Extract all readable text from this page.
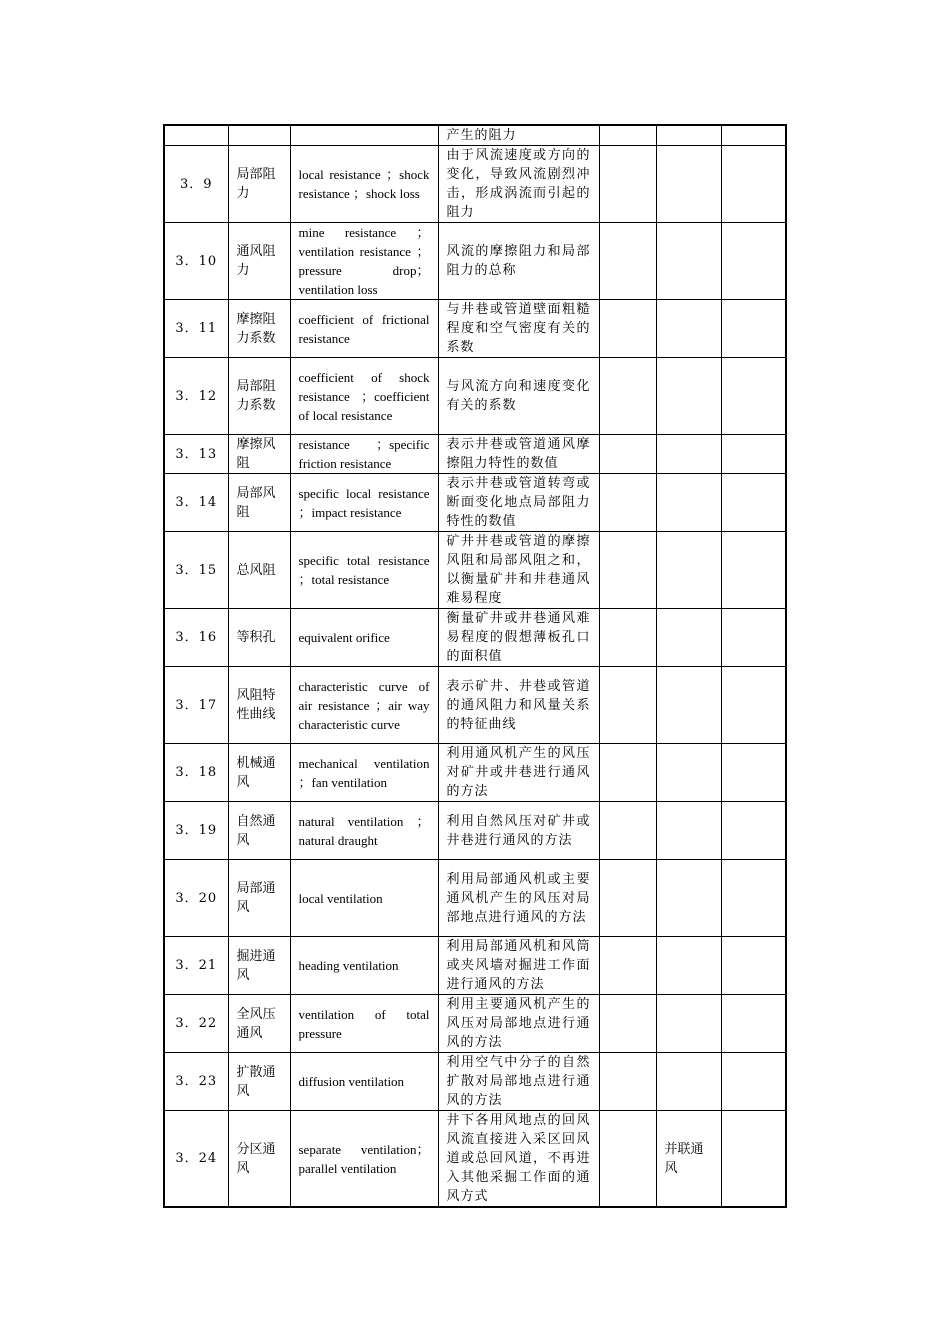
			产生的阻力			
3．9	局部阻力	local resistance ；shock resistance ；shock loss	由于风流速度或方向的变化，导致风流剧烈冲击，形成涡流而引起的阻力			
3．10	通风阻力	mine resistance ；ventilation resistance ；pressure drop；ventilation loss	风流的摩擦阻力和局部阻力的总称			
3．11	摩擦阻力系数	coefficient of frictional resistance	与井巷或管道壁面粗糙程度和空气密度有关的系数			
3．12	局部阻力系数	coefficient of shock resistance ；coefficient of local resistance	与风流方向和速度变化有关的系数			
3．13	摩擦风阻	resistance ；specific friction resistance	表示井巷或管道通风摩擦阻力特性的数值			
3．14	局部风阻	specific local resistance ；impact resistance	表示井巷或管道转弯或断面变化地点局部阻力特性的数值			
3．15	总风阻	specific total resistance ；total resistance	矿井井巷或管道的摩擦风阻和局部风阻之和，以衡量矿井和井巷通风难易程度			
3．16	等积孔	equivalent orifice	衡量矿井或井巷通风难易程度的假想薄板孔口的面积值			
3．17	风阻特性曲线	characteristic curve of air resistance ；air way characteristic curve	表示矿井、井巷或管道的通风阻力和风量关系的特征曲线			
3．18	机械通风	mechanical ventilation ；fan ventilation	利用通风机产生的风压对矿井或井巷进行通风的方法			
3．19	自然通风	natural ventilation ；natural draught	利用自然风压对矿井或井巷进行通风的方法			
3．20	局部通风	local ventilation	利用局部通风机或主要通风机产生的风压对局部地点进行通风的方法			
3．21	掘进通风	heading ventilation	利用局部通风机和风筒或夹风墙对掘进工作面进行通风的方法			
3．22	全风压通风	ventilation of total pressure	利用主要通风机产生的风压对局部地点进行通风的方法			
3．23	扩散通风	diffusion ventilation	利用空气中分子的自然扩散对局部地点进行通风的方法			
3．24	分区通风	separate ventilation；parallel ventilation	井下各用风地点的回风风流直接进入采区回风道或总回风道，不再进入其他采掘工作面的通风方式		并联通风	
